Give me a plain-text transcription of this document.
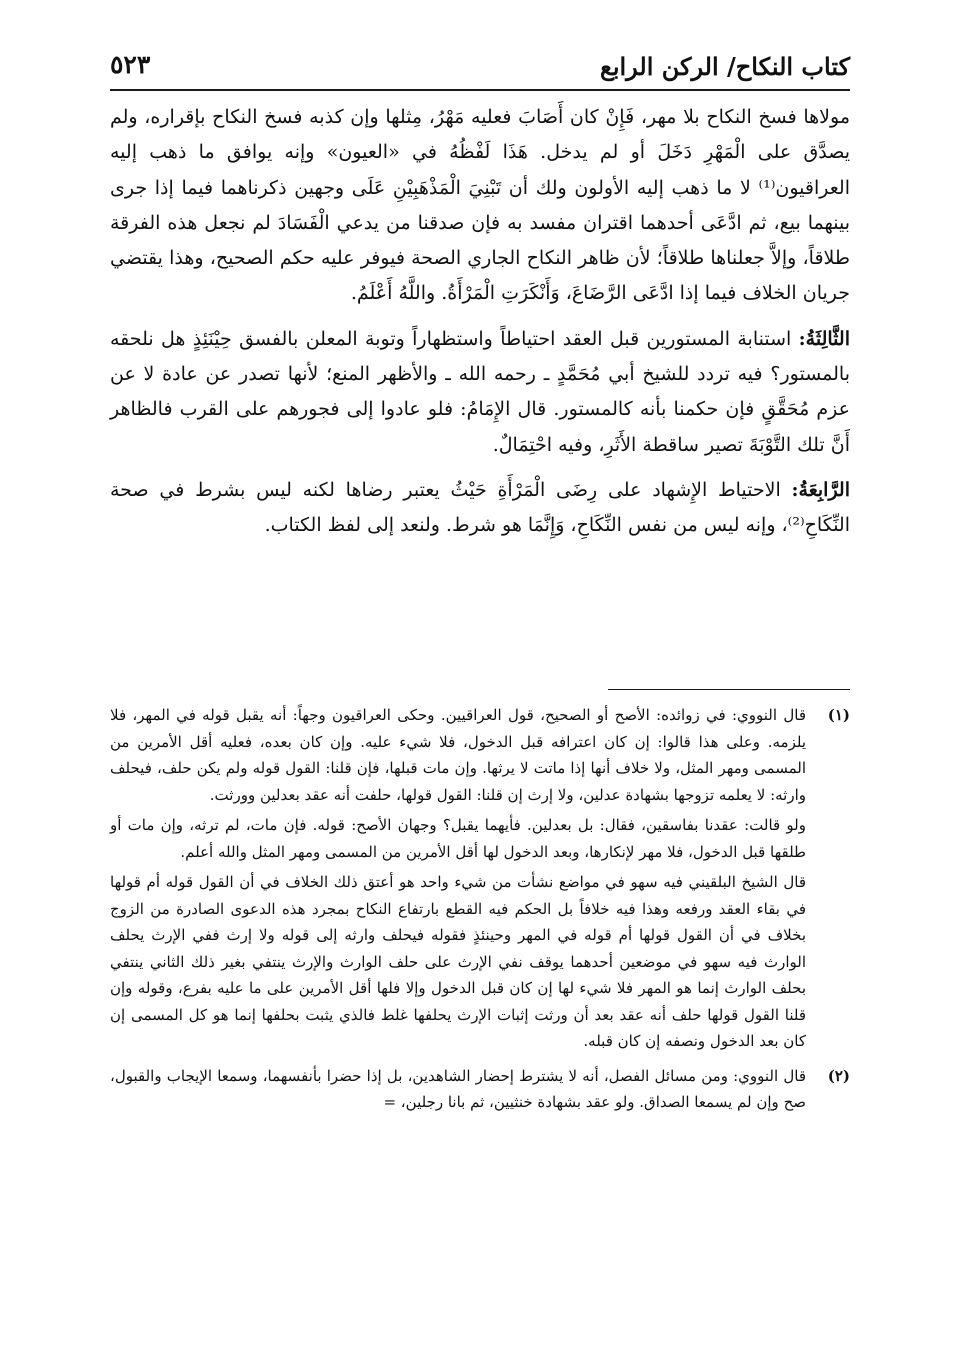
كتاب النكاح/ الركن الرابع
٥٢٣

مولاها فسخ النكاح بلا مهر، فَإِنْ كان أَصَابَ فعليه مَهْرُ، مِثلها وإن كذبه فسخ النكاح بإقراره، ولم يصدَّق على الْمَهْرِ دَخَلَ أو لم يدخل. هَذَا لَفْظُهُ في «العيون» وإنه يوافق ما ذهب إليه العراقيون⁽¹⁾ لا ما ذهب إليه الأولون ولك أن تَبْنِيَ الْمَذْهَبِيْنِ عَلَى وجهين ذكرناهما فيما إذا جرى بينهما بيع، ثم ادَّعَى أحدهما اقتران مفسد به فإن صدقنا من يدعي الْفَسَادَ لم نجعل هذه الفرقة طلاقاً، وإلاَّ جعلناها طلاقاً؛ لأن ظاهر النكاح الجاري الصحة فيوفر عليه حكم الصحيح، وهذا يقتضي جريان الخلاف فيما إذا ادَّعَى الرَّضَاعَ، وَأَنْكَرَتِ الْمَرْأَةُ. واللَّهُ أَعْلَمُ.

الثَّالِثَةُ: استنابة المستورين قبل العقد احتياطاً واستظهاراً وتوبة المعلن بالفسق حِيْنَئِذٍ هل نلحقه بالمستور؟ فيه تردد للشيخ أبي مُحَمَّدٍ ـ رحمه الله ـ والأظهر المنع؛ لأنها تصدر عن عادة لا عن عزم مُحَقَّقٍ فإن حكمنا بأنه كالمستور. قال الإِمَامُ: فلو عادوا إلى فجورهم على القرب فالظاهر أَنَّ تلك التَّوْبَةَ تصير ساقطة الأَثَرِ، وفيه احْتِمَالٌ.

الرَّابِعَةُ: الاحتياط الإِشهاد على رِضَى الْمَرْأَةِ حَيْثُ يعتبر رضاها لكنه ليس بشرط في صحة النِّكَاحِ⁽²⁾، وإنه ليس من نفس النِّكَاحِ، وَإِنَّمَا هو شرط. ولنعد إلى لفظ الكتاب.

(١)

قال النووي: في زوائده: الأصح أو الصحيح، قول العراقيين. وحكى العراقيون وجهاً: أنه يقبل قوله في المهر، فلا يلزمه. وعلى هذا قالوا: إن كان اعترافه قبل الدخول، فلا شيء عليه. وإن كان بعده، فعليه أقل الأمرين من المسمى ومهر المثل، ولا خلاف أنها إذا ماتت لا يرثها. وإن مات قبلها، فإن قلنا: القول قوله ولم يكن حلف، فيحلف وارثه: لا يعلمه تزوجها بشهادة عدلين، ولا إرث إن قلنا: القول قولها، حلفت أنه عقد بعدلين وورثت.

ولو قالت: عقدنا بفاسقين، فقال: بل بعدلين. فأيهما يقبل؟ وجهان الأصح: قوله. فإن مات، لم ترثه، وإن مات أو طلقها قبل الدخول، فلا مهر لإنكارها، وبعد الدخول لها أقل الأمرين من المسمى ومهر المثل والله أعلم.

قال الشيخ البلقيني فيه سهو في مواضع نشأت من شيء واحد هو أعتق ذلك الخلاف في أن القول قوله أم قولها في بقاء العقد ورفعه وهذا فيه خلافاً بل الحكم فيه القطع بارتفاع النكاح بمجرد هذه الدعوى الصادرة من الزوج بخلاف في أن القول قولها أم قوله في المهر وحينئذٍ فقوله فيحلف وارثه إلى قوله ولا إرث ففي الإرث يحلف الوارث فيه سهو في موضعين أحدهما يوقف نفي الإرث على حلف الوارث والإرث ينتفي بغير ذلك الثاني ينتفي بحلف الوارث إنما هو المهر فلا شيء لها إن كان قبل الدخول وإلا فلها أقل الأمرين على ما عليه بفرع، وقوله وإن قلنا القول قولها حلف أنه عقد بعد أن ورثت إثبات الإرث يحلفها غلط فالذي يثبت بحلفها إنما هو كل المسمى إن كان بعد الدخول ونصفه إن كان قبله.

(٢)

قال النووي: ومن مسائل الفصل، أنه لا يشترط إحضار الشاهدين، بل إذا حضرا بأنفسهما، وسمعا الإيجاب والقبول، صح وإن لم يسمعا الصداق. ولو عقد بشهادة خنثيين، ثم بانا رجلين، =
